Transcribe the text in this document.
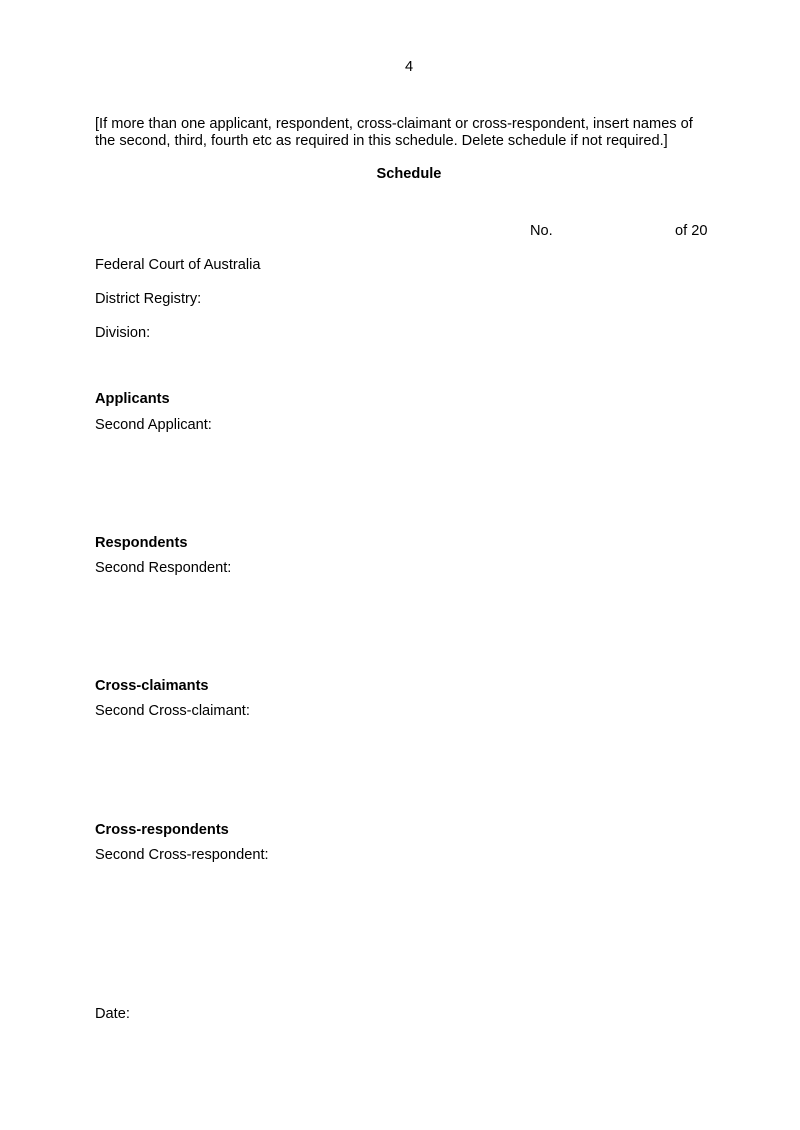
4
[If more than one applicant, respondent, cross-claimant or cross-respondent, insert names of
the second, third, fourth etc as required in this schedule. Delete schedule if not required.]
Schedule
No.	of 20
Federal Court of Australia
District Registry:
Division:
Applicants
Second Applicant:
Respondents
Second Respondent:
Cross-claimants
Second Cross-claimant:
Cross-respondents
Second Cross-respondent:
Date:
